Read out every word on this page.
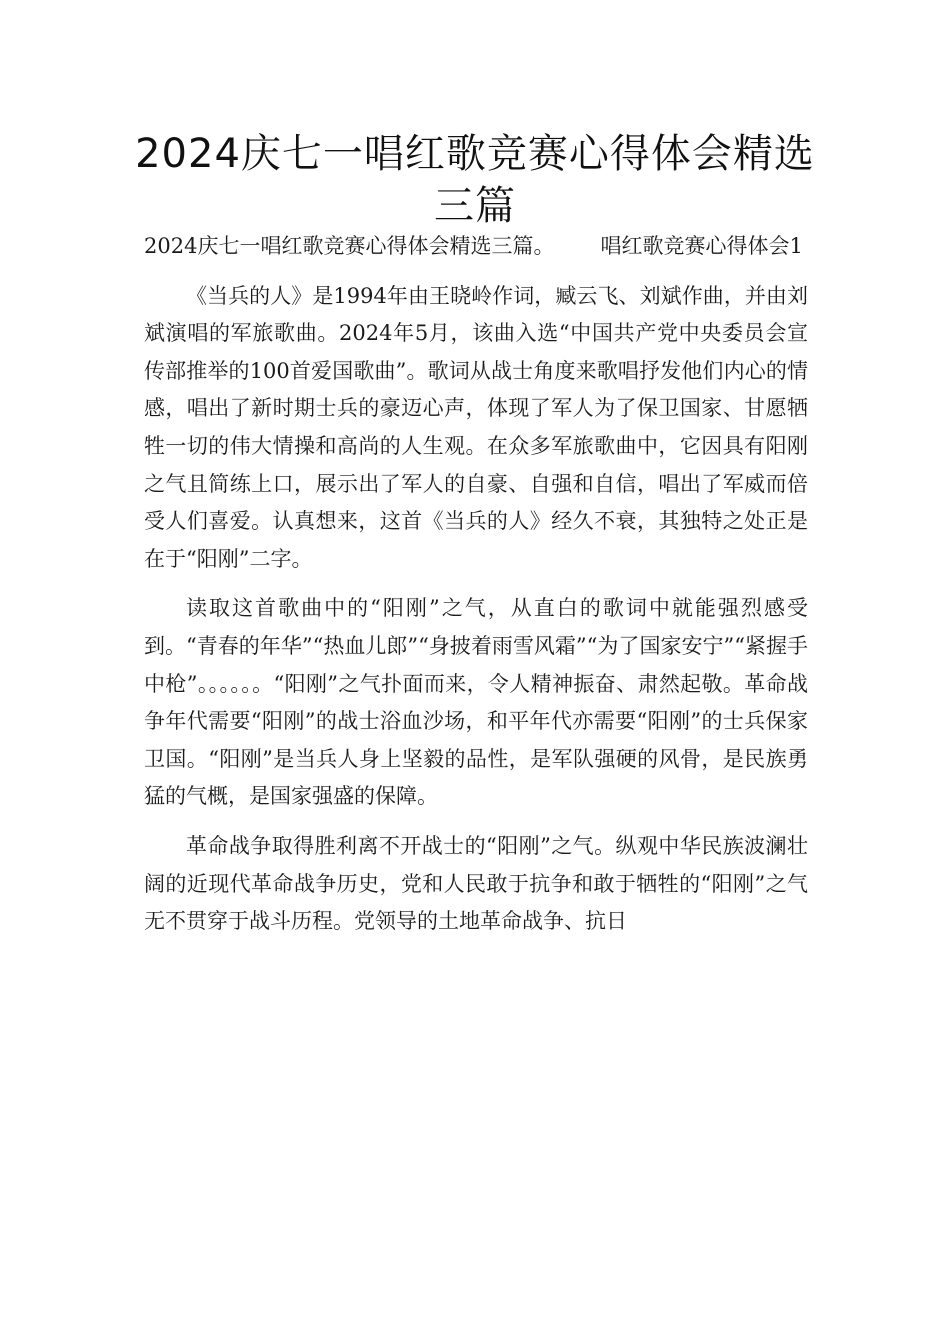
2024庆七一唱红歌竞赛心得体会精选三篇

2024庆七一唱红歌竞赛心得体会精选三篇。 唱红歌竞赛心得体会1

《当兵的人》是1994年由王晓岭作词，臧云飞、刘斌作曲，并由刘斌演唱的军旅歌曲。2024年5月，该曲入选“中国共产党中央委员会宣传部推举的100首爱国歌曲”。歌词从战士角度来歌唱抒发他们内心的情感，唱出了新时期士兵的豪迈心声，体现了军人为了保卫国家、甘愿牺牲一切的伟大情操和高尚的人生观。在众多军旅歌曲中，它因具有阳刚之气且简练上口，展示出了军人的自豪、自强和自信，唱出了军威而倍受人们喜爱。认真想来，这首《当兵的人》经久不衰，其独特之处正是在于“阳刚”二字。

读取这首歌曲中的“阳刚”之气，从直白的歌词中就能强烈感受到。“青春的年华”“热血儿郎”“身披着雨雪风霜”“为了国家安宁”“紧握手中枪”。。。。。。“阳刚”之气扑面而来，令人精神振奋、肃然起敬。革命战争年代需要“阳刚”的战士浴血沙场，和平年代亦需要“阳刚”的士兵保家卫国。“阳刚”是当兵人身上坚毅的品性，是军队强硬的风骨，是民族勇猛的气概，是国家强盛的保障。

革命战争取得胜利离不开战士的“阳刚”之气。纵观中华民族波澜壮阔的近现代革命战争历史，党和人民敢于抗争和敢于牺牲的“阳刚”之气无不贯穿于战斗历程。党领导的土地革命战争、抗日
